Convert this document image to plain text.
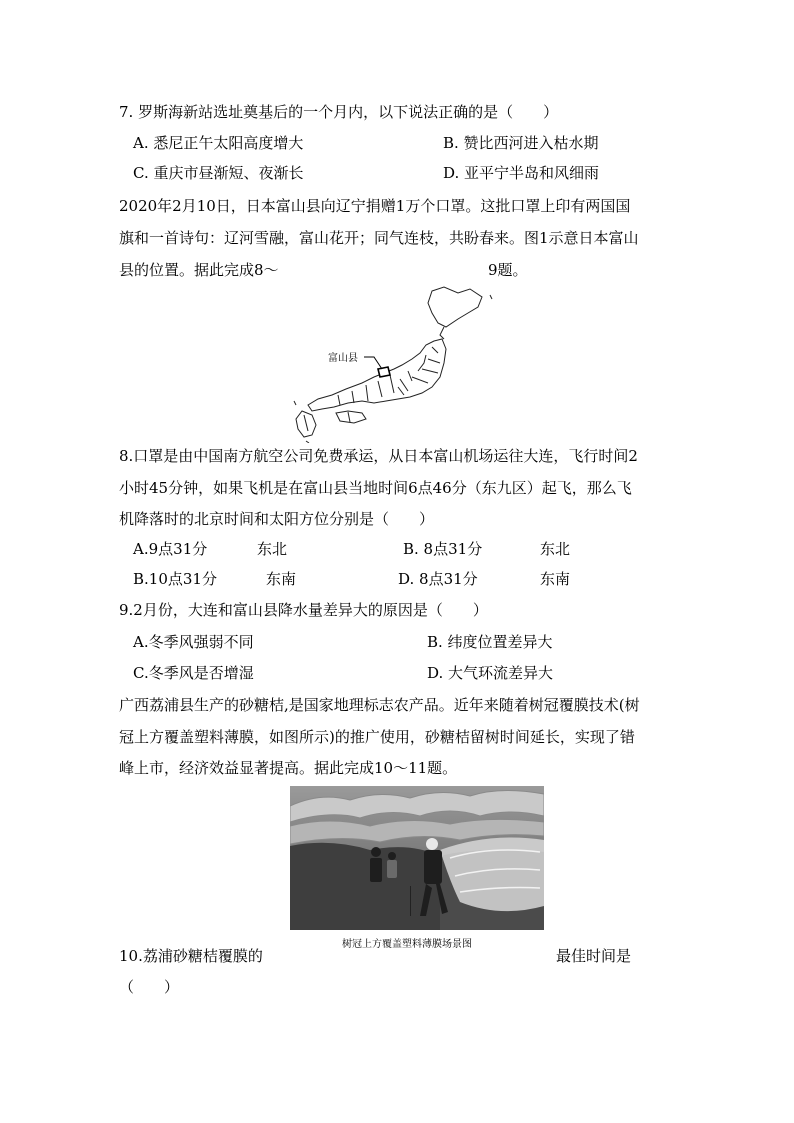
7. 罗斯海新站选址奠基后的一个月内，以下说法正确的是（　　）
A. 悉尼正午太阳高度增大	B. 赞比西河进入枯水期
C. 重庆市昼渐短、夜渐长	D. 亚平宁半岛和风细雨
2020年2月10日，日本富山县向辽宁捐赠1万个口罩。这批口罩上印有两国国
旗和一首诗句：辽河雪融，富山花开；同气连枝，共盼春来。图1示意日本富山
县的位置。据此完成8～	9题。
富山县
8.口罩是由中国南方航空公司免费承运，从日本富山机场运往大连，飞行时间2
小时45分钟，如果飞机是在富山县当地时间6点46分（东九区）起飞，那么飞
机降落时的北京时间和太阳方位分别是（　　）
A.9点31分	东北	B. 8点31分	东北
B.10点31分	东南	D. 8点31分	东南
9.2月份，大连和富山县降水量差异大的原因是（　　）
A.冬季风强弱不同	B. 纬度位置差异大
C.冬季风是否增湿	D. 大气环流差异大
广西荔浦县生产的砂糖桔,是国家地理标志农产品。近年来随着树冠覆膜技术(树
冠上方覆盖塑料薄膜，如图所示)的推广使用，砂糖桔留树时间延长，实现了错
峰上市，经济效益显著提高。据此完成10～11题。
树冠上方覆盖塑料薄膜场景图
10.荔浦砂糖桔覆膜的	最佳时间是
（　　）
